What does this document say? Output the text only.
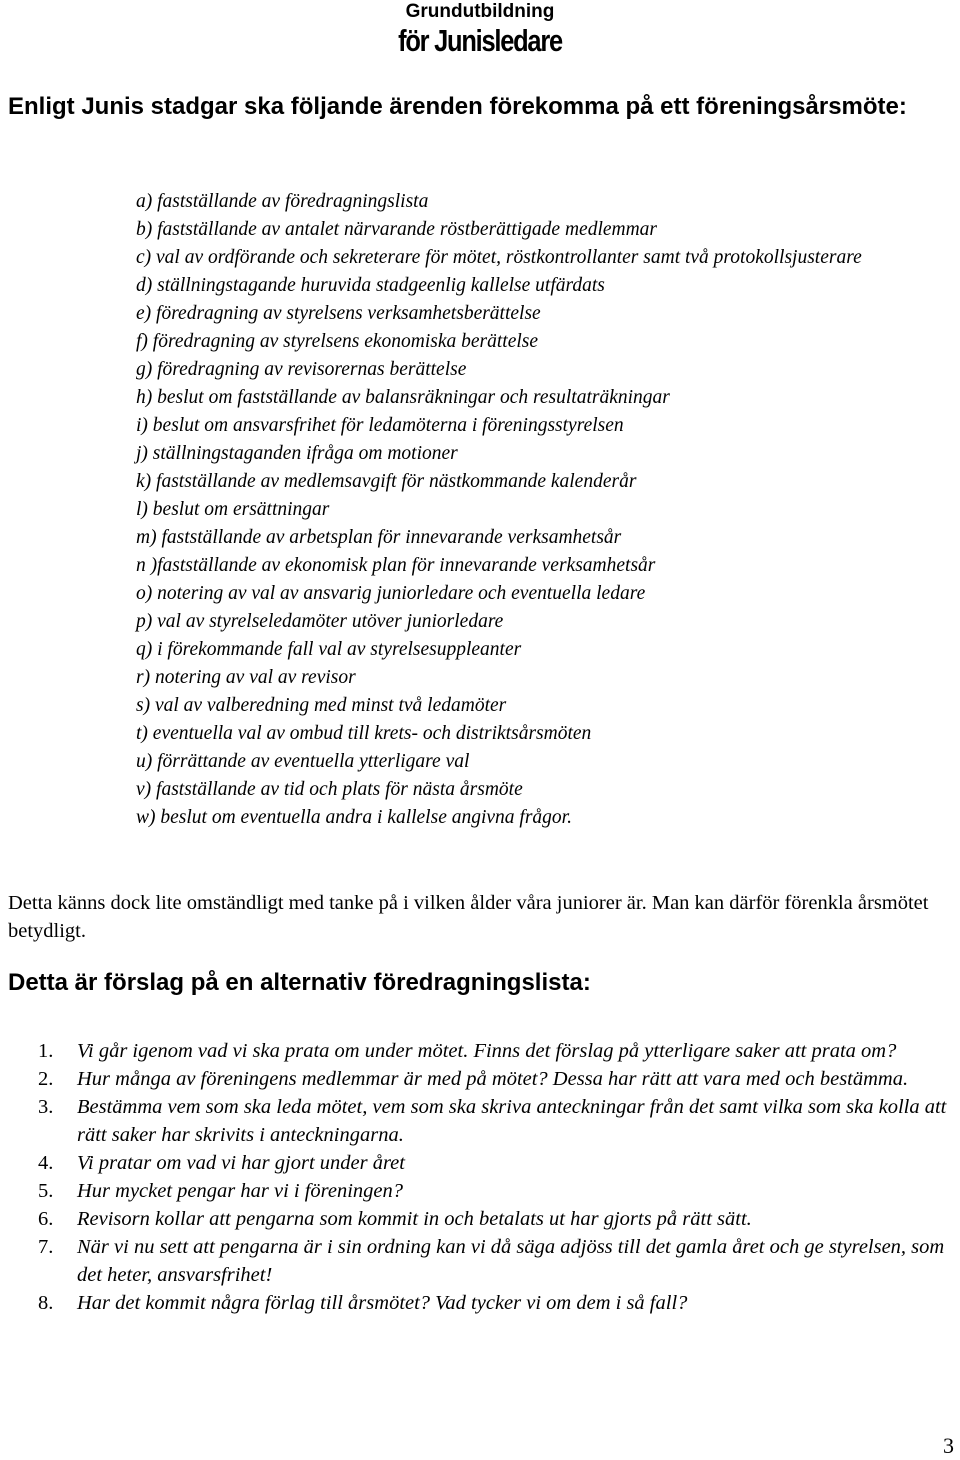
Grundutbildning
för Junisledare
Enligt Junis stadgar ska följande ärenden förekomma på ett föreningsårsmöte:
a) fastställande av föredragningslista
b) fastställande av antalet närvarande röstberättigade medlemmar
c) val av ordförande och sekreterare för mötet, röstkontrollanter samt två protokollsjusterare
d) ställningstagande huruvida stadgeenlig kallelse utfärdats
e) föredragning av styrelsens verksamhetsberättelse
f) föredragning av styrelsens ekonomiska berättelse
g) föredragning av revisorernas berättelse
h) beslut om fastställande av balansräkningar och resultaträkningar
i) beslut om ansvarsfrihet för ledamöterna i föreningsstyrelsen
j) ställningstaganden ifråga om motioner
k) fastställande av medlemsavgift för nästkommande kalenderår
l) beslut om ersättningar
m) fastställande av arbetsplan för innevarande verksamhetsår
n )fastställande av ekonomisk plan för innevarande verksamhetsår
o) notering av val av ansvarig juniorledare och eventuella ledare
p) val av styrelseledamöter utöver juniorledare
q) i förekommande fall val av styrelsesuppleanter
r) notering av val av revisor
s) val av valberedning med minst två ledamöter
t) eventuella val av ombud till krets- och distriktsårsmöten
u) förrättande av eventuella ytterligare val
v) fastställande av tid och plats för nästa årsmöte
w) beslut om eventuella andra i kallelse angivna frågor.

Detta känns dock lite omständligt med tanke på i vilken ålder våra juniorer är. Man kan därför förenkla årsmötet betydligt.

Detta är förslag på en alternativ föredragningslista:
1. Vi går igenom vad vi ska prata om under mötet. Finns det förslag på ytterligare saker att prata om?
2. Hur många av föreningens medlemmar är med på mötet? Dessa har rätt att vara med och bestämma.
3. Bestämma vem som ska leda mötet, vem som ska skriva anteckningar från det samt vilka som ska kolla att rätt saker har skrivits i anteckningarna.
4. Vi pratar om vad vi har gjort under året
5. Hur mycket pengar har vi i föreningen?
6. Revisorn kollar att pengarna som kommit in och betalats ut har gjorts på rätt sätt.
7. När vi nu sett att pengarna är i sin ordning kan vi då säga adjöss till det gamla året och ge styrelsen, som det heter, ansvarsfrihet!
8. Har det kommit några förlag till årsmötet? Vad tycker vi om dem i så fall?
3
